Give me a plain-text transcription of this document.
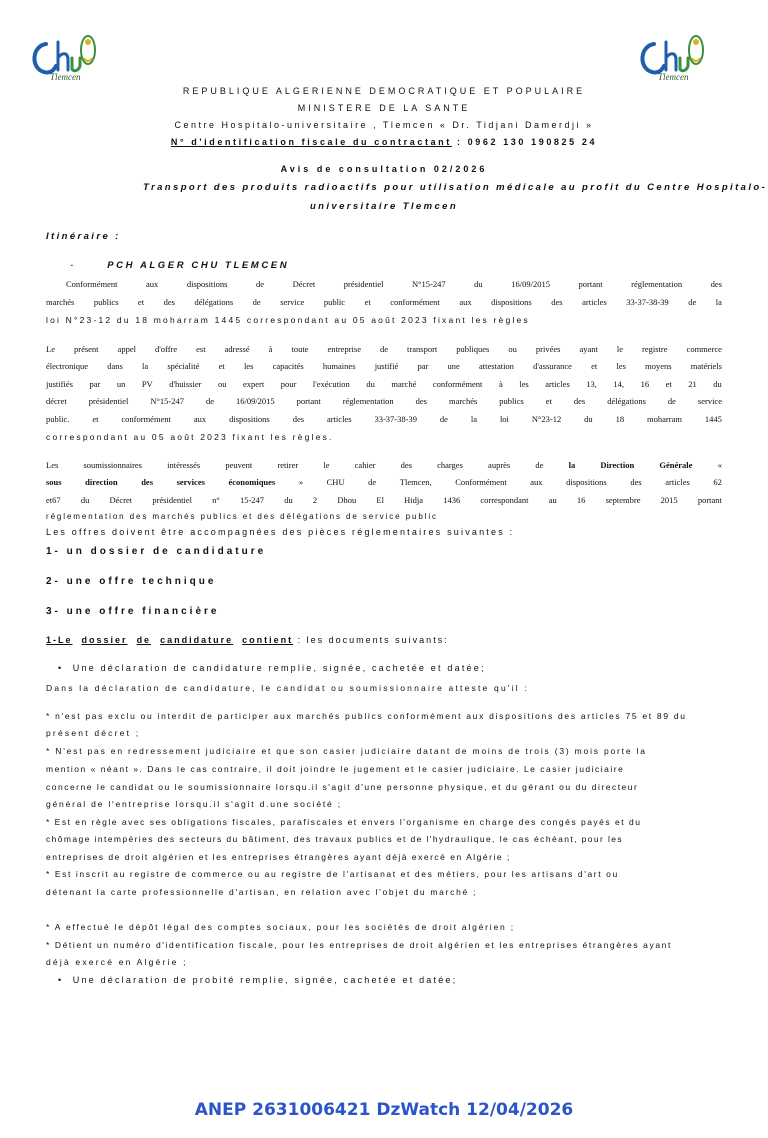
Tlemcen	Tlemcen
REPUBLIQUE ALGERIENNE DEMOCRATIQUE ET POPULAIRE
MINISTERE DE LA SANTE
Centre Hospitalo-universitaire , Tlemcen « Dr. Tidjani Damerdji »
N° d'identification fiscale du contractant : 0962 130 190825 24
Avis de consultation 02/2026
Transport des produits radioactifs pour utilisation médicale au profit du Centre Hospitalo-
universitaire Tlemcen
Itinéraire :
-      PCH ALGER CHU TLEMCEN
Conformément	aux	dispositions	de	Décret	présidentiel	N°15-247	du	16/09/2015	portant	réglementation	des
marchés publics et des délégations de service public et conformément aux dispositions des articles 33-37-38-39 de la
loi N°23-12 du 18 moharram 1445 correspondant au 05 août 2023 fixant les règles
Le présent appel d'offre est adressé à toute entreprise de transport publiques ou privées ayant le registre commerce
électronique dans la spécialité et les capacités humaines justifié par une attestation d'assurance et les moyens matériels
justifiés par un PV d'huissier ou expert pour l'exécution du marché conformément à les articles 13, 14, 16 et 21 du
décret	présidentiel	N°15-247	de	16/09/2015	portant	réglementation	des	marchés	publics	et	des	délégations	de	service
public.	et	conformément	aux	dispositions	des	articles	33-37-38-39	de	la	loi	N°23-12	du	18	moharram	1445
correspondant au 05 août 2023 fixant les règles.
Les	soumissionnaires	intéressés	peuvent	retirer	le	cahier	des	charges	auprès	de	la	Direction	Générale	«
sous	direction	des	services	économiques	»	CHU	de	Tlemcen,	Conformément	aux	dispositions	des	articles	62
et67 du Décret présidentiel n° 15-247 du 2 Dhou El Hidja 1436 correspondant au 16 septembre 2015 portant
réglementation des marchés publics et des délégations de service public
Les offres doivent être accompagnées des pièces réglementaires suivantes :
1- un dossier de candidature
2- une offre technique
3- une offre financière
1-Le dossier de candidature contient : les documents suivants:
•  Une déclaration de candidature remplie, signée, cachetée et datée;
Dans la déclaration de candidature, le candidat ou soumissionnaire atteste qu'il :
* n'est pas exclu ou interdit de participer aux marchés publics conformément aux dispositions des articles 75 et 89 du
présent décret ;
* N'est pas en redressement judiciaire et que son casier judiciaire datant de moins de trois (3) mois porte la
mention « néant ». Dans le cas contraire, il doit joindre le jugement et le casier judiciaire. Le casier judiciaire
concerne le candidat ou le soumissionnaire lorsqu.il s'agit d'une personne physique, et du gérant ou du directeur
général de l'entreprise lorsqu.il s'agit d.une société ;
* Est en règle avec ses obligations fiscales, parafiscales et envers l'organisme en charge des congés payés et du
chômage intempéries des secteurs du bâtiment, des travaux publics et de l'hydraulique, le cas échéant, pour les
entreprises de droit algérien et les entreprises étrangères ayant déjà exercé en Algérie ;
* Est inscrit au registre de commerce ou au registre de l'artisanat et des métiers, pour les artisans d'art ou
détenant la carte professionnelle d'artisan, en relation avec l'objet du marché ;
* A effectué le dépôt légal des comptes sociaux, pour les sociétés de droit algérien ;
* Détient un numéro d'identification fiscale, pour les entreprises de droit algérien et les entreprises étrangères ayant
déjà exercé en Algérie ;
•  Une déclaration de probité remplie, signée, cachetée et datée;
ANEP 2631006421 DzWatch 12/04/2026
